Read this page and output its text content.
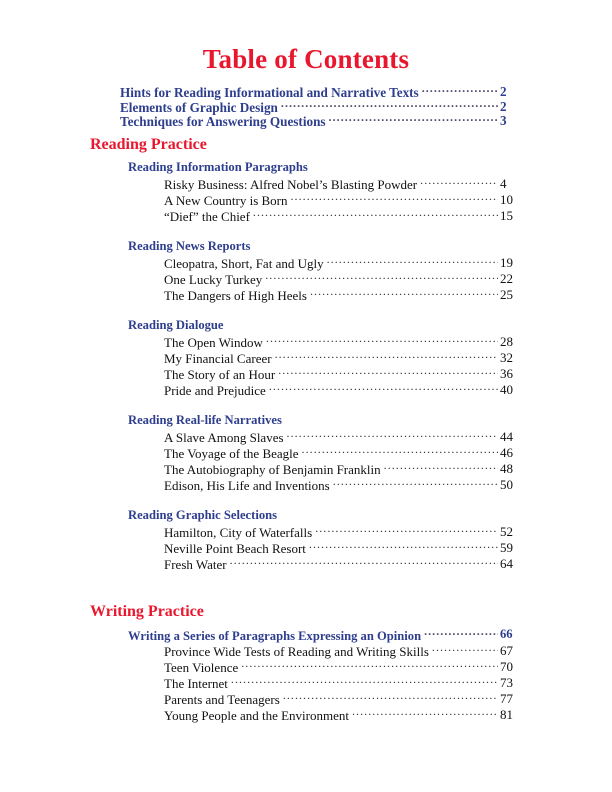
Table of Contents
Hints for Reading Informational and Narrative Texts .....	2
Elements of Graphic Design .....	2
Techniques for Answering Questions .....	3
Reading Practice
Reading Information Paragraphs
Risky Business: Alfred Nobel’s Blasting Powder .....	4
A New Country is Born .....	10
“Dief” the Chief .....	15
Reading News Reports
Cleopatra, Short, Fat and Ugly .....	19
One Lucky Turkey .....	22
The Dangers of High Heels .....	25
Reading Dialogue
The Open Window .....	28
My Financial Career .....	32
The Story of an Hour .....	36
Pride and Prejudice .....	40
Reading Real-life Narratives
A Slave Among Slaves .....	44
The Voyage of the Beagle .....	46
The Autobiography of Benjamin Franklin .....	48
Edison, His Life and Inventions .....	50
Reading Graphic Selections
Hamilton, City of Waterfalls .....	52
Neville Point Beach Resort .....	59
Fresh Water .....	64
Writing Practice
Writing a Series of Paragraphs Expressing an Opinion .....	66
Province Wide Tests of Reading and Writing Skills .....	67
Teen Violence .....	70
The Internet .....	73
Parents and Teenagers .....	77
Young People and the Environment .....	81
